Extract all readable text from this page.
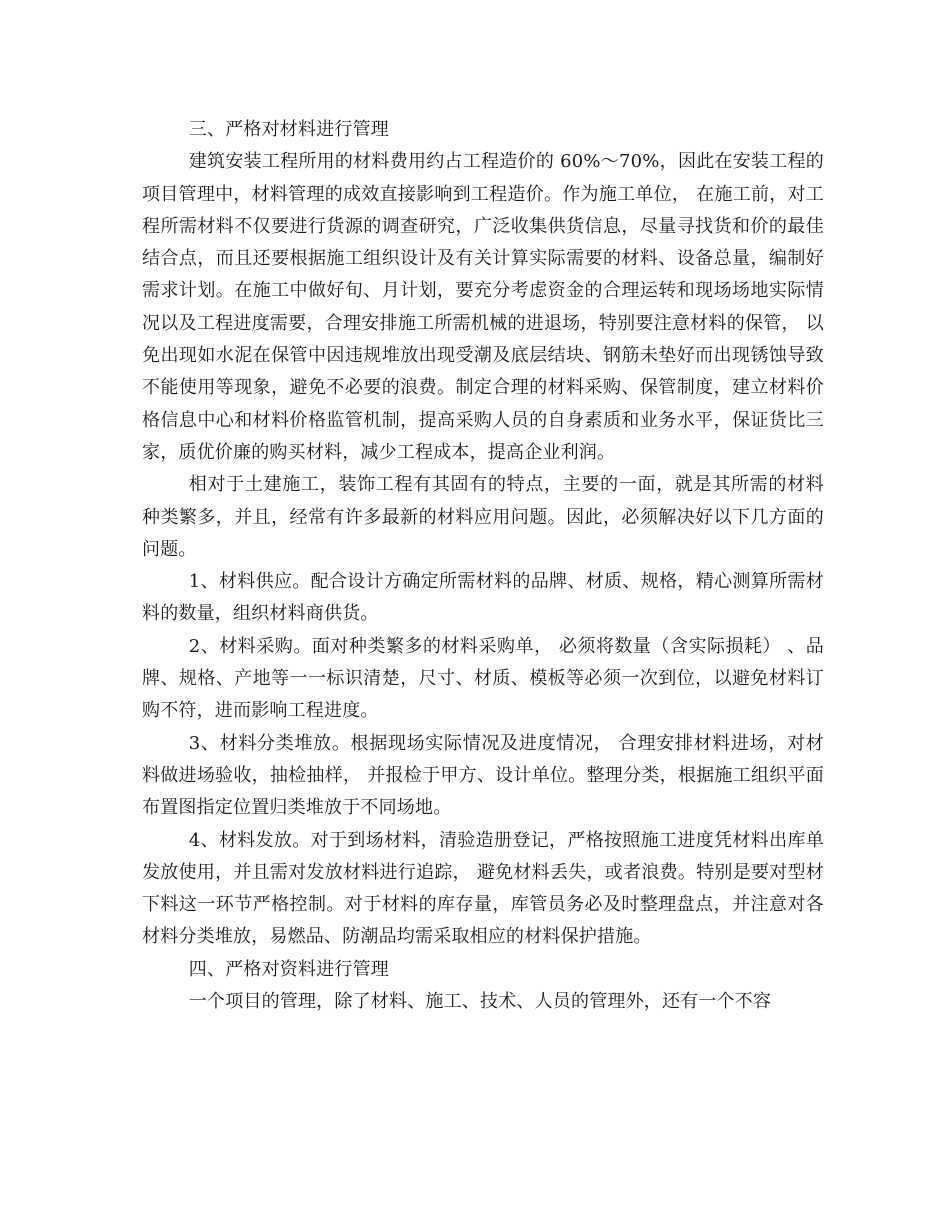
三、严格对材料进行管理

建筑安装工程所用的材料费用约占工程造价的 60%～70%，因此在安装工程的项目管理中，材料管理的成效直接影响到工程造价。作为施工单位， 在施工前，对工程所需材料不仅要进行货源的调查研究，广泛收集供货信息，尽量寻找货和价的最佳结合点，而且还要根据施工组织设计及有关计算实际需要的材料、设备总量，编制好需求计划。在施工中做好旬、月计划，要充分考虑资金的合理运转和现场场地实际情况以及工程进度需要，合理安排施工所需机械的进退场，特别要注意材料的保管， 以免出现如水泥在保管中因违规堆放出现受潮及底层结块、钢筋未垫好而出现锈蚀导致不能使用等现象，避免不必要的浪费。制定合理的材料采购、保管制度，建立材料价格信息中心和材料价格监管机制，提高采购人员的自身素质和业务水平，保证货比三家，质优价廉的购买材料，减少工程成本，提高企业利润。

相对于土建施工，装饰工程有其固有的特点，主要的一面，就是其所需的材料种类繁多，并且，经常有许多最新的材料应用问题。因此，必须解决好以下几方面的问题。

1、材料供应。配合设计方确定所需材料的品牌、材质、规格，精心测算所需材料的数量，组织材料商供货。

2、材料采购。面对种类繁多的材料采购单， 必须将数量（含实际损耗） 、品牌、规格、产地等一一标识清楚，尺寸、材质、模板等必须一次到位，以避免材料订购不符，进而影响工程进度。

3、材料分类堆放。根据现场实际情况及进度情况， 合理安排材料进场，对材料做进场验收，抽检抽样， 并报检于甲方、设计单位。整理分类，根据施工组织平面布置图指定位置归类堆放于不同场地。

4、材料发放。对于到场材料，清验造册登记，严格按照施工进度凭材料出库单发放使用，并且需对发放材料进行追踪， 避免材料丢失，或者浪费。特别是要对型材下料这一环节严格控制。对于材料的库存量，库管员务必及时整理盘点，并注意对各材料分类堆放，易燃品、防潮品均需采取相应的材料保护措施。

四、严格对资料进行管理

一个项目的管理，除了材料、施工、技术、人员的管理外，还有一个不容
